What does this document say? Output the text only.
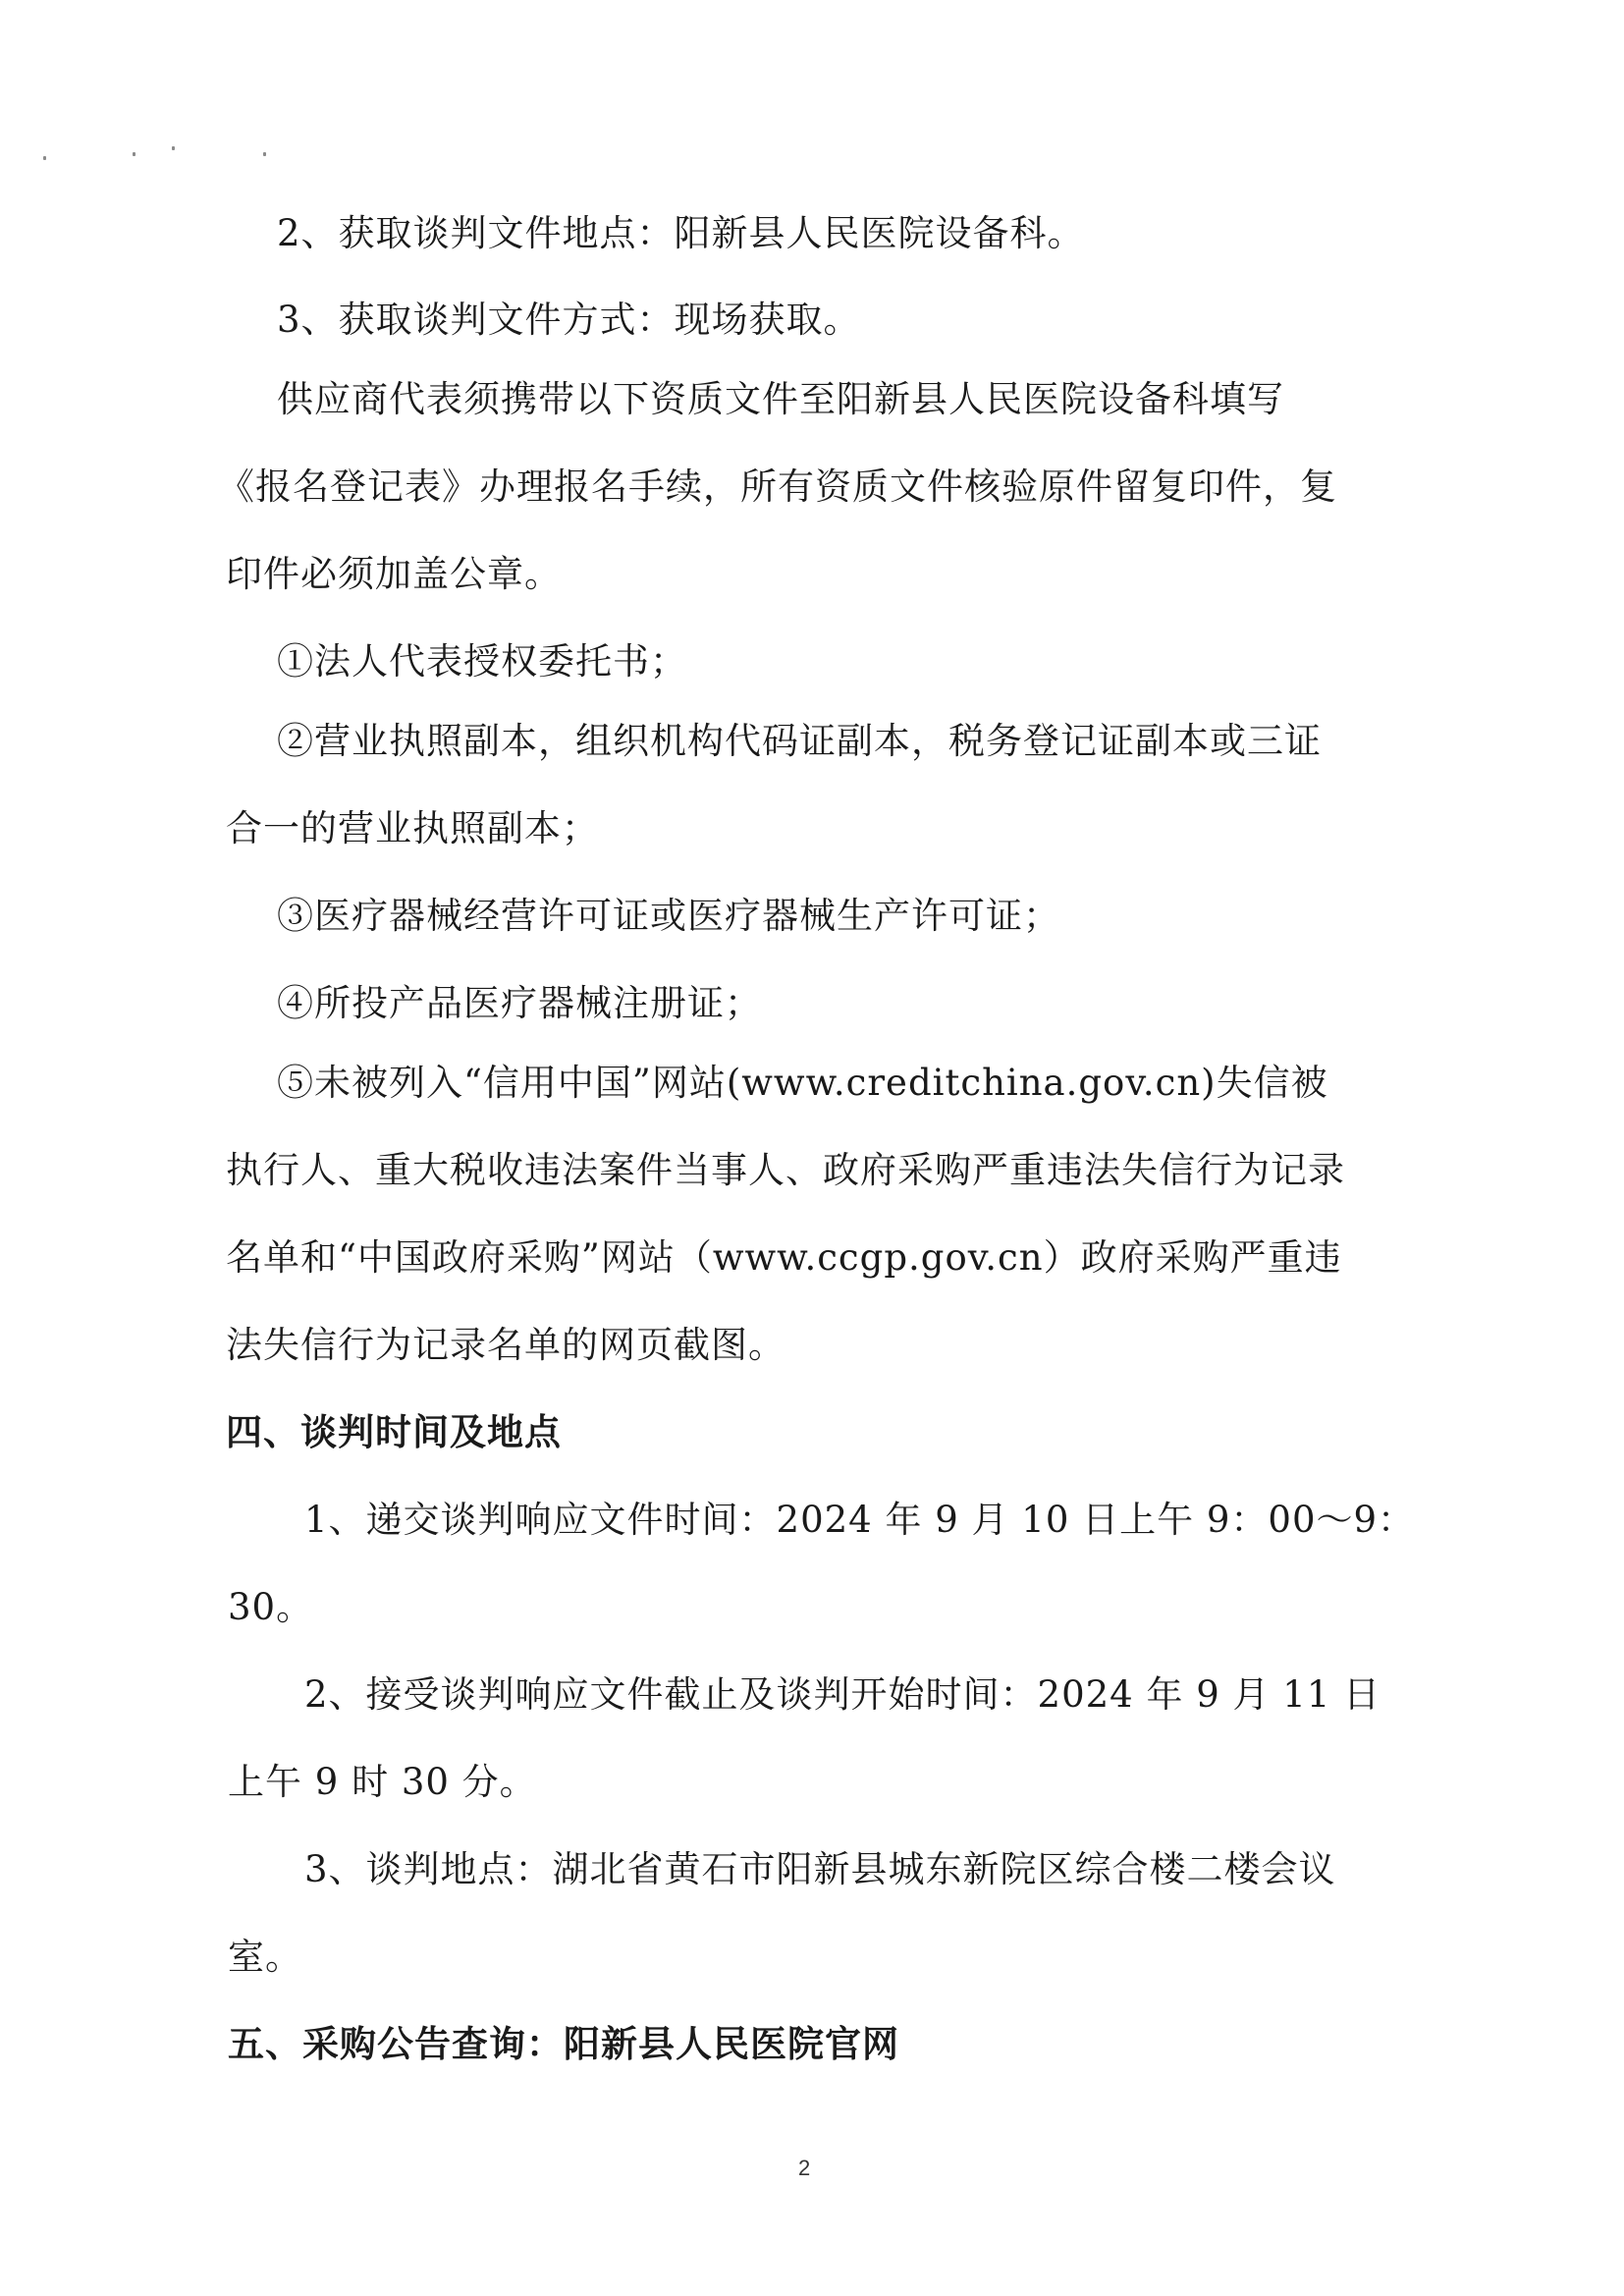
2、获取谈判文件地点：阳新县人民医院设备科。
3、获取谈判文件方式：现场获取。
供应商代表须携带以下资质文件至阳新县人民医院设备科填写
《报名登记表》办理报名手续，所有资质文件核验原件留复印件，复
印件必须加盖公章。
①法人代表授权委托书；
②营业执照副本，组织机构代码证副本，税务登记证副本或三证
合一的营业执照副本；
③医疗器械经营许可证或医疗器械生产许可证；
④所投产品医疗器械注册证；
⑤未被列入“信用中国”网站(www.creditchina.gov.cn)失信被
执行人、重大税收违法案件当事人、政府采购严重违法失信行为记录
名单和“中国政府采购”网站（www.ccgp.gov.cn）政府采购严重违
法失信行为记录名单的网页截图。
四、谈判时间及地点
1、递交谈判响应文件时间：2024 年 9 月 10 日上午 9：00～9：
30。
2、接受谈判响应文件截止及谈判开始时间：2024 年 9 月 11 日
上午 9 时 30 分。
3、谈判地点：湖北省黄石市阳新县城东新院区综合楼二楼会议
室。
五、采购公告查询：阳新县人民医院官网
2
